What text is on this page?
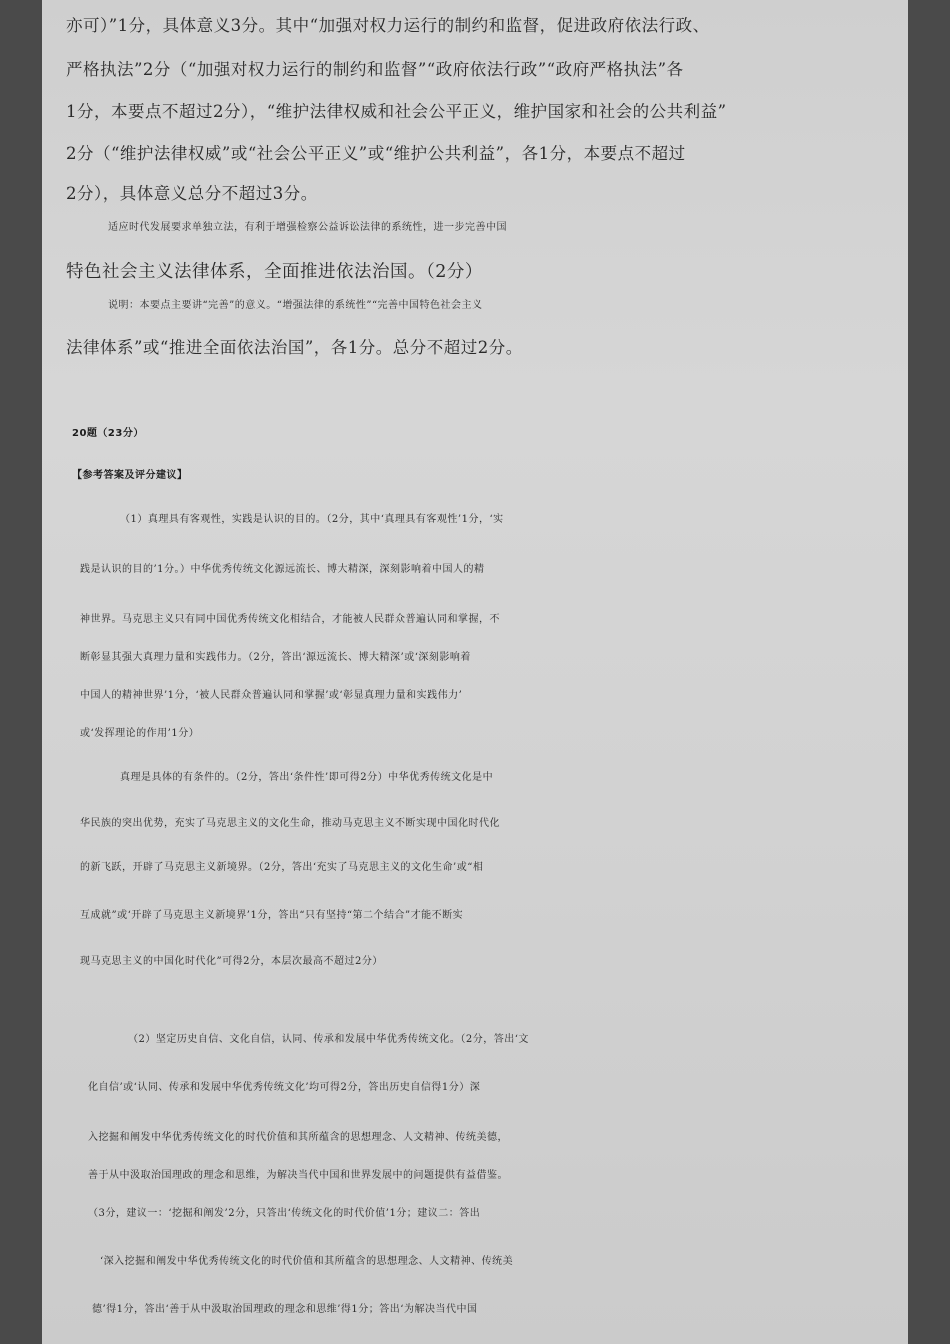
亦可）”1分，具体意义3分。其中“加强对权力运行的制约和监督，促进政府依法行政、
严格执法”2分（“加强对权力运行的制约和监督”“政府依法行政”“政府严格执法”各
1分，本要点不超过2分），“维护法律权威和社会公平正义，维护国家和社会的公共利益”
2分（“维护法律权威”或“社会公平正义”或“维护公共利益”，各1分，本要点不超过
2分），具体意义总分不超过3分。
适应时代发展要求单独立法，有利于增强检察公益诉讼法律的系统性，进一步完善中国
特色社会主义法律体系，全面推进依法治国。（2分）
说明：本要点主要讲“完善”的意义。“增强法律的系统性”“完善中国特色社会主义
法律体系”或“推进全面依法治国”，各1分。总分不超过2分。
20题（23分）
【参考答案及评分建议】
（1）真理具有客观性，实践是认识的目的。（2分，其中‘真理具有客观性’1分，‘实
践是认识的目的’1分。）中华优秀传统文化源远流长、博大精深，深刻影响着中国人的精
神世界。马克思主义只有同中国优秀传统文化相结合，才能被人民群众普遍认同和掌握，不
断彰显其强大真理力量和实践伟力。（2分，答出‘源远流长、博大精深’或‘深刻影响着
中国人的精神世界’1分，‘被人民群众普遍认同和掌握’或‘彰显真理力量和实践伟力’
或‘发挥理论的作用’1分）
真理是具体的有条件的。（2分，答出‘条件性’即可得2分）中华优秀传统文化是中
华民族的突出优势，充实了马克思主义的文化生命，推动马克思主义不断实现中国化时代化
的新飞跃，开辟了马克思主义新境界。（2分，答出‘充实了马克思主义的文化生命’或“相
互成就”或‘开辟了马克思主义新境界’1分，答出“只有坚持“第二个结合”才能不断实
现马克思主义的中国化时代化”可得2分，本层次最高不超过2分）
（2）坚定历史自信、文化自信，认同、传承和发展中华优秀传统文化。（2分，答出‘文
化自信’或‘认同、传承和发展中华优秀传统文化’均可得2分，答出历史自信得1分）深
入挖掘和阐发中华优秀传统文化的时代价值和其所蕴含的思想理念、人文精神、传统美德，
善于从中汲取治国理政的理念和思维，为解决当代中国和世界发展中的问题提供有益借鉴。
（3分，建议一：‘挖掘和阐发’2分，只答出‘传统文化的时代价值’1分；建议二：答出
‘深入挖掘和阐发中华优秀传统文化的时代价值和其所蕴含的思想理念、人文精神、传统美
德’得1分，答出‘善于从中汲取治国理政的理念和思维’得1分；答出‘为解决当代中国
